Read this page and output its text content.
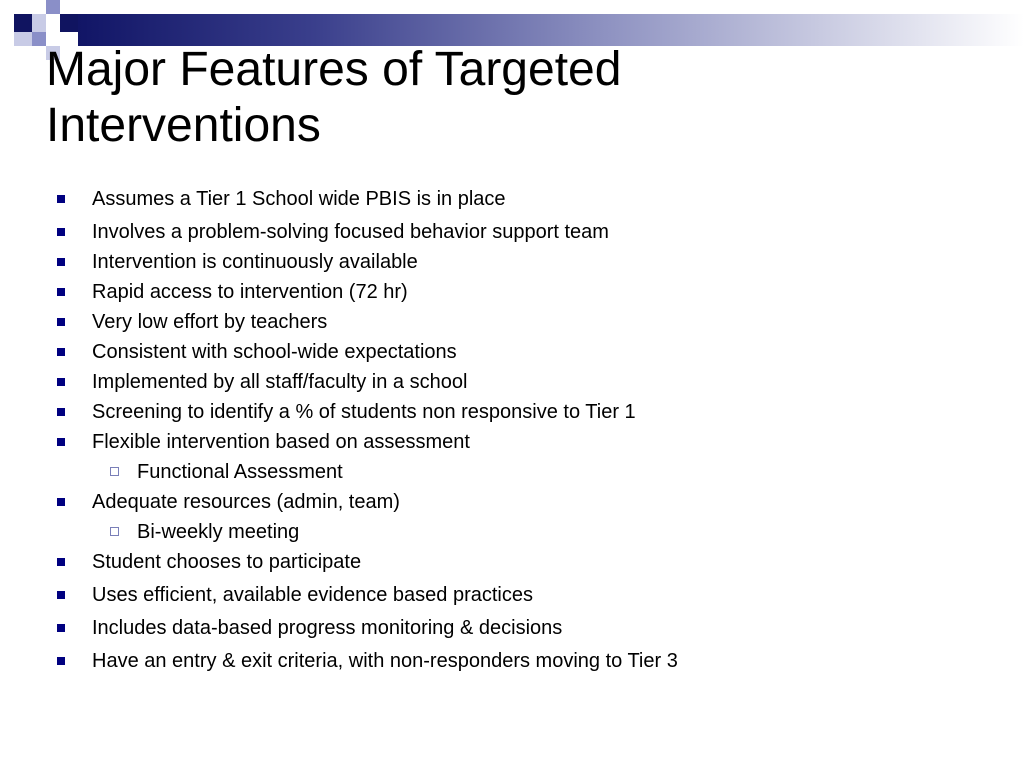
Major Features of Targeted
Interventions
Assumes a Tier 1 School wide PBIS is in place
Involves a problem-solving focused behavior support team
Intervention is continuously available
Rapid access to intervention (72 hr)
Very low effort by teachers
Consistent with school-wide expectations
Implemented by all staff/faculty in a school
Screening to identify a % of students non responsive to Tier 1
Flexible intervention based on assessment
Functional Assessment
Adequate resources (admin, team)
Bi-weekly meeting
Student chooses to participate
Uses efficient, available evidence based practices
Includes data-based progress monitoring & decisions
Have an entry & exit criteria, with non-responders moving to Tier 3
